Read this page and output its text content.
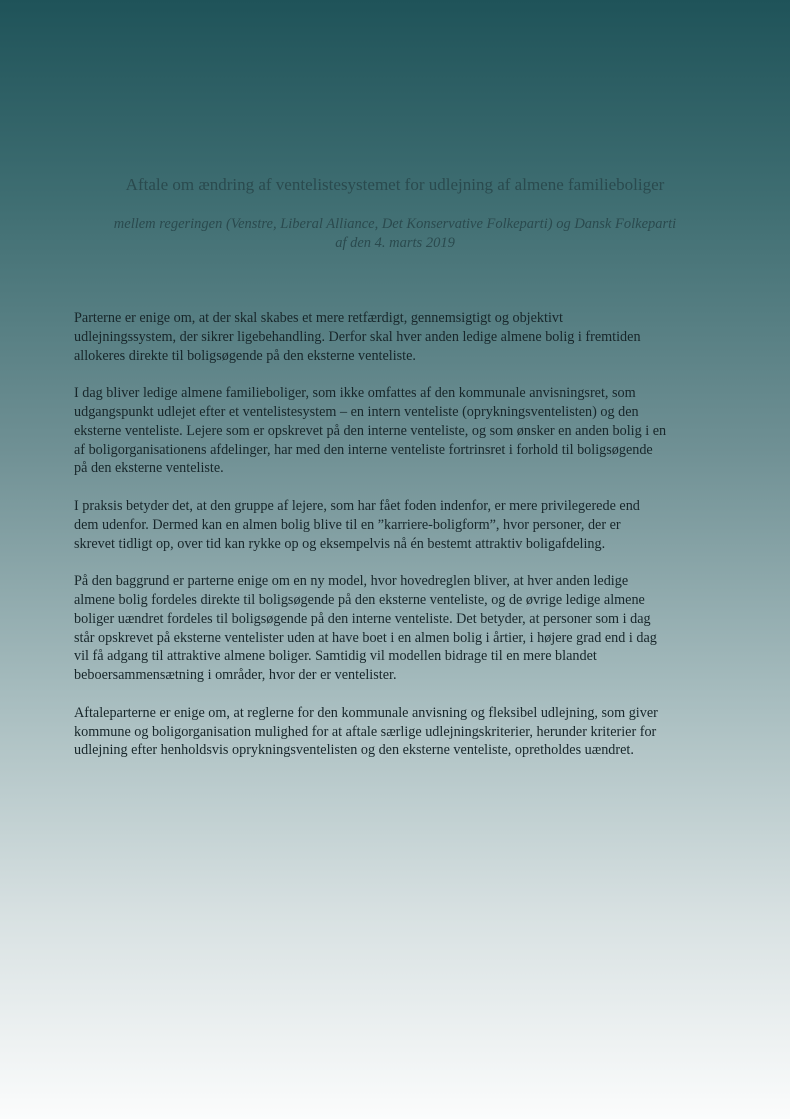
Aftale om ændring af ventelistesystemet for udlejning af almene familieboliger
mellem regeringen (Venstre, Liberal Alliance, Det Konservative Folkeparti) og Dansk Folkeparti
af den 4. marts 2019

Parterne er enige om, at der skal skabes et mere retfærdigt, gennemsigtigt og objektivt
udlejningssystem, der sikrer ligebehandling. Derfor skal hver anden ledige almene bolig i fremtiden
allokeres direkte til boligsøgende på den eksterne venteliste.

I dag bliver ledige almene familieboliger, som ikke omfattes af den kommunale anvisningsret, som
udgangspunkt udlejet efter et ventelistesystem – en intern venteliste (oprykningsventelisten) og den
eksterne venteliste. Lejere som er opskrevet på den interne venteliste, og som ønsker en anden bolig i en
af boligorganisationens afdelinger, har med den interne venteliste fortrinsret i forhold til boligsøgende
på den eksterne venteliste.

I praksis betyder det, at den gruppe af lejere, som har fået foden indenfor, er mere privilegerede end
dem udenfor. Dermed kan en almen bolig blive til en ”karriere-boligform”, hvor personer, der er
skrevet tidligt op, over tid kan rykke op og eksempelvis nå én bestemt attraktiv boligafdeling.

På den baggrund er parterne enige om en ny model, hvor hovedreglen bliver, at hver anden ledige
almene bolig fordeles direkte til boligsøgende på den eksterne venteliste, og de øvrige ledige almene
boliger uændret fordeles til boligsøgende på den interne venteliste. Det betyder, at personer som i dag
står opskrevet på eksterne ventelister uden at have boet i en almen bolig i årtier, i højere grad end i dag
vil få adgang til attraktive almene boliger. Samtidig vil modellen bidrage til en mere blandet
beboersammensætning i områder, hvor der er ventelister.

Aftaleparterne er enige om, at reglerne for den kommunale anvisning og fleksibel udlejning, som giver
kommune og boligorganisation mulighed for at aftale særlige udlejningskriterier, herunder kriterier for
udlejning efter henholdsvis oprykningsventelisten og den eksterne venteliste, opretholdes uændret.
